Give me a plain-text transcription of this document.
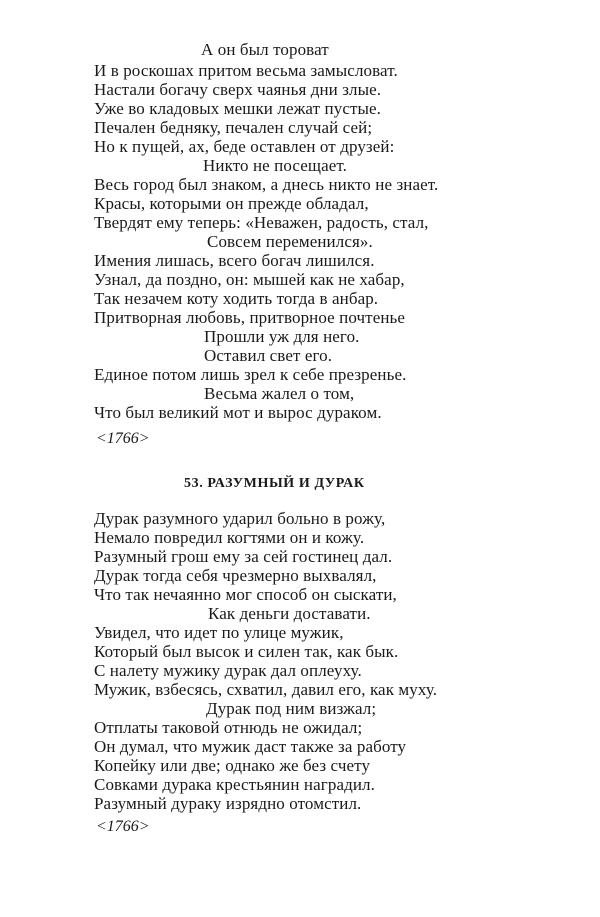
А он был тороват
И в роскошах притом весьма замысловат.
Настали богачу сверх чаянья дни злые.
Уже во кладовых мешки лежат пустые.
Печален бедняку, печален случай сей;
Но к пущей, ах, беде оставлен от друзей:
Никто не посещает.
Весь город был знаком, а днесь никто не знает.
Красы, которыми он прежде обладал,
Твердят ему теперь: «Неважен, радость, стал,
Совсем переменился».
Имения лишась, всего богач лишился.
Узнал, да поздно, он: мышей как не хабар,
Так незачем коту ходить тогда в анбар.
Притворная любовь, притворное почтенье
Прошли уж для него.
Оставил свет его.
Единое потом лишь зрел к себе презренье.
Весьма жалел о том,
Что был великий мот и вырос дураком.
<1766>
53. РАЗУМНЫЙ И ДУРАК
Дурак разумного ударил больно в рожу,
Немало повредил когтями он и кожу.
Разумный грош ему за сей гостинец дал.
Дурак тогда себя чрезмерно выхвалял,
Что так нечаянно мог способ он сыскати,
Как деньги доставати.
Увидел, что идет по улице мужик,
Который был высок и силен так, как бык.
С налету мужику дурак дал оплеуху.
Мужик, взбесясь, схватил, давил его, как муху.
Дурак под ним визжал;
Отплаты таковой отнюдь не ожидал;
Он думал, что мужик даст также за работу
Копейку или две; однако же без счету
Совками дурака крестьянин наградил.
Разумный дураку изрядно отомстил.
<1766>
